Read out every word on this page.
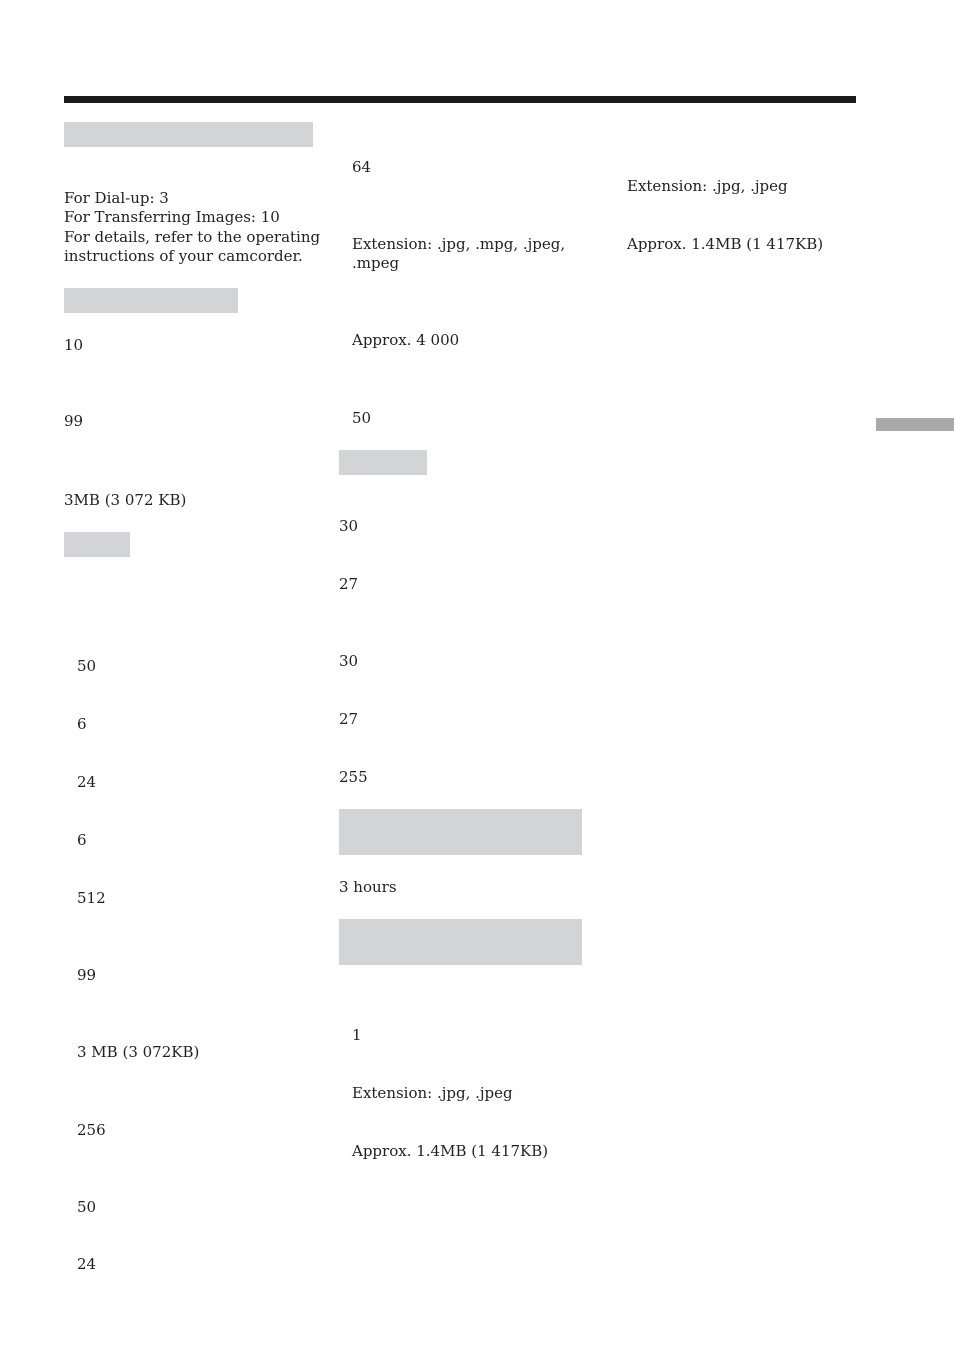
For Dial-up: 3
For Transferring Images: 10
For details, refer to the operating
instructions of your camcorder.
10
99
3MB (3 072 KB)
50
6
24
6
512
99
3 MB (3 072KB)
256
50
24
64
Extension: .jpg, .mpg, .jpeg,
.mpeg
Approx. 4 000
50
30
27
30
27
255
3 hours
1
Extension: .jpg, .jpeg
Approx. 1.4MB (1 417KB)
Extension: .jpg, .jpeg
Approx. 1.4MB (1 417KB)
